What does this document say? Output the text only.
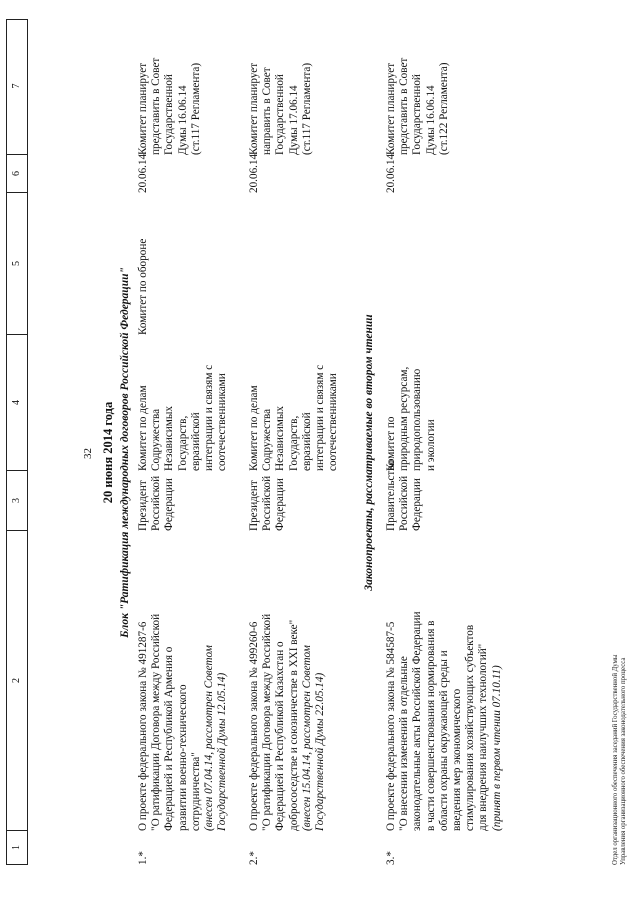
32
1
2
3
4
5
6
7
20 июня 2014 года Блок "Ратификация международных договоров Российской Федерации"
1.*
О проекте федерального закона № 491287-6 "О ратификации Договора между Российской Федерацией и Республикой Армения о развитии военно-технического сотрудничества" (внесен 07.04.14, рассмотрен Советом Государственной Думы 12.05.14)
Президент Российской Федерации
Комитет по делам Содружества Независимых Государств, евразийской интеграции и связям с соотечественниками
Комитет по обороне
20.06.14
Комитет планирует представить в Совет Государственной Думы 16.06.14 (ст.117 Регламента)
2.*
О проекте федерального закона № 499260-6 "О ратификации Договора между Российской Федерацией и Республикой Казахстан о добрососедстве и союзничестве в XXI веке" (внесен 15.04.14, рассмотрен Советом Государственной Думы 22.05.14)
Президент Российской Федерации
Комитет по делам Содружества Независимых Государств, евразийской интеграции и связям с соотечественниками
20.06.14
Комитет планирует направить в Совет Государственной Думы 17.06.14 (ст.117 Регламента)
Законопроекты, рассматриваемые во втором чтении
3.*
О проекте федерального закона № 584587-5 "О внесении изменений в отдельные законодательные акты Российской Федерации в части совершенствования нормирования в области охраны окружающей среды и введения мер экономического стимулирования хозяйствующих субъектов для внедрения наилучших технологий" (принят в первом чтении 07.10.11)
Правительство Российской Федерации
Комитет по природным ресурсам, природопользованию и экологии
20.06.14
Комитет планирует представить в Совет Государственной Думы 16.06.14 (ст.122 Регламента)
Отдел организационного обеспечения заседаний Государственной Думы Управления организационного обеспечения законодательного процесса
